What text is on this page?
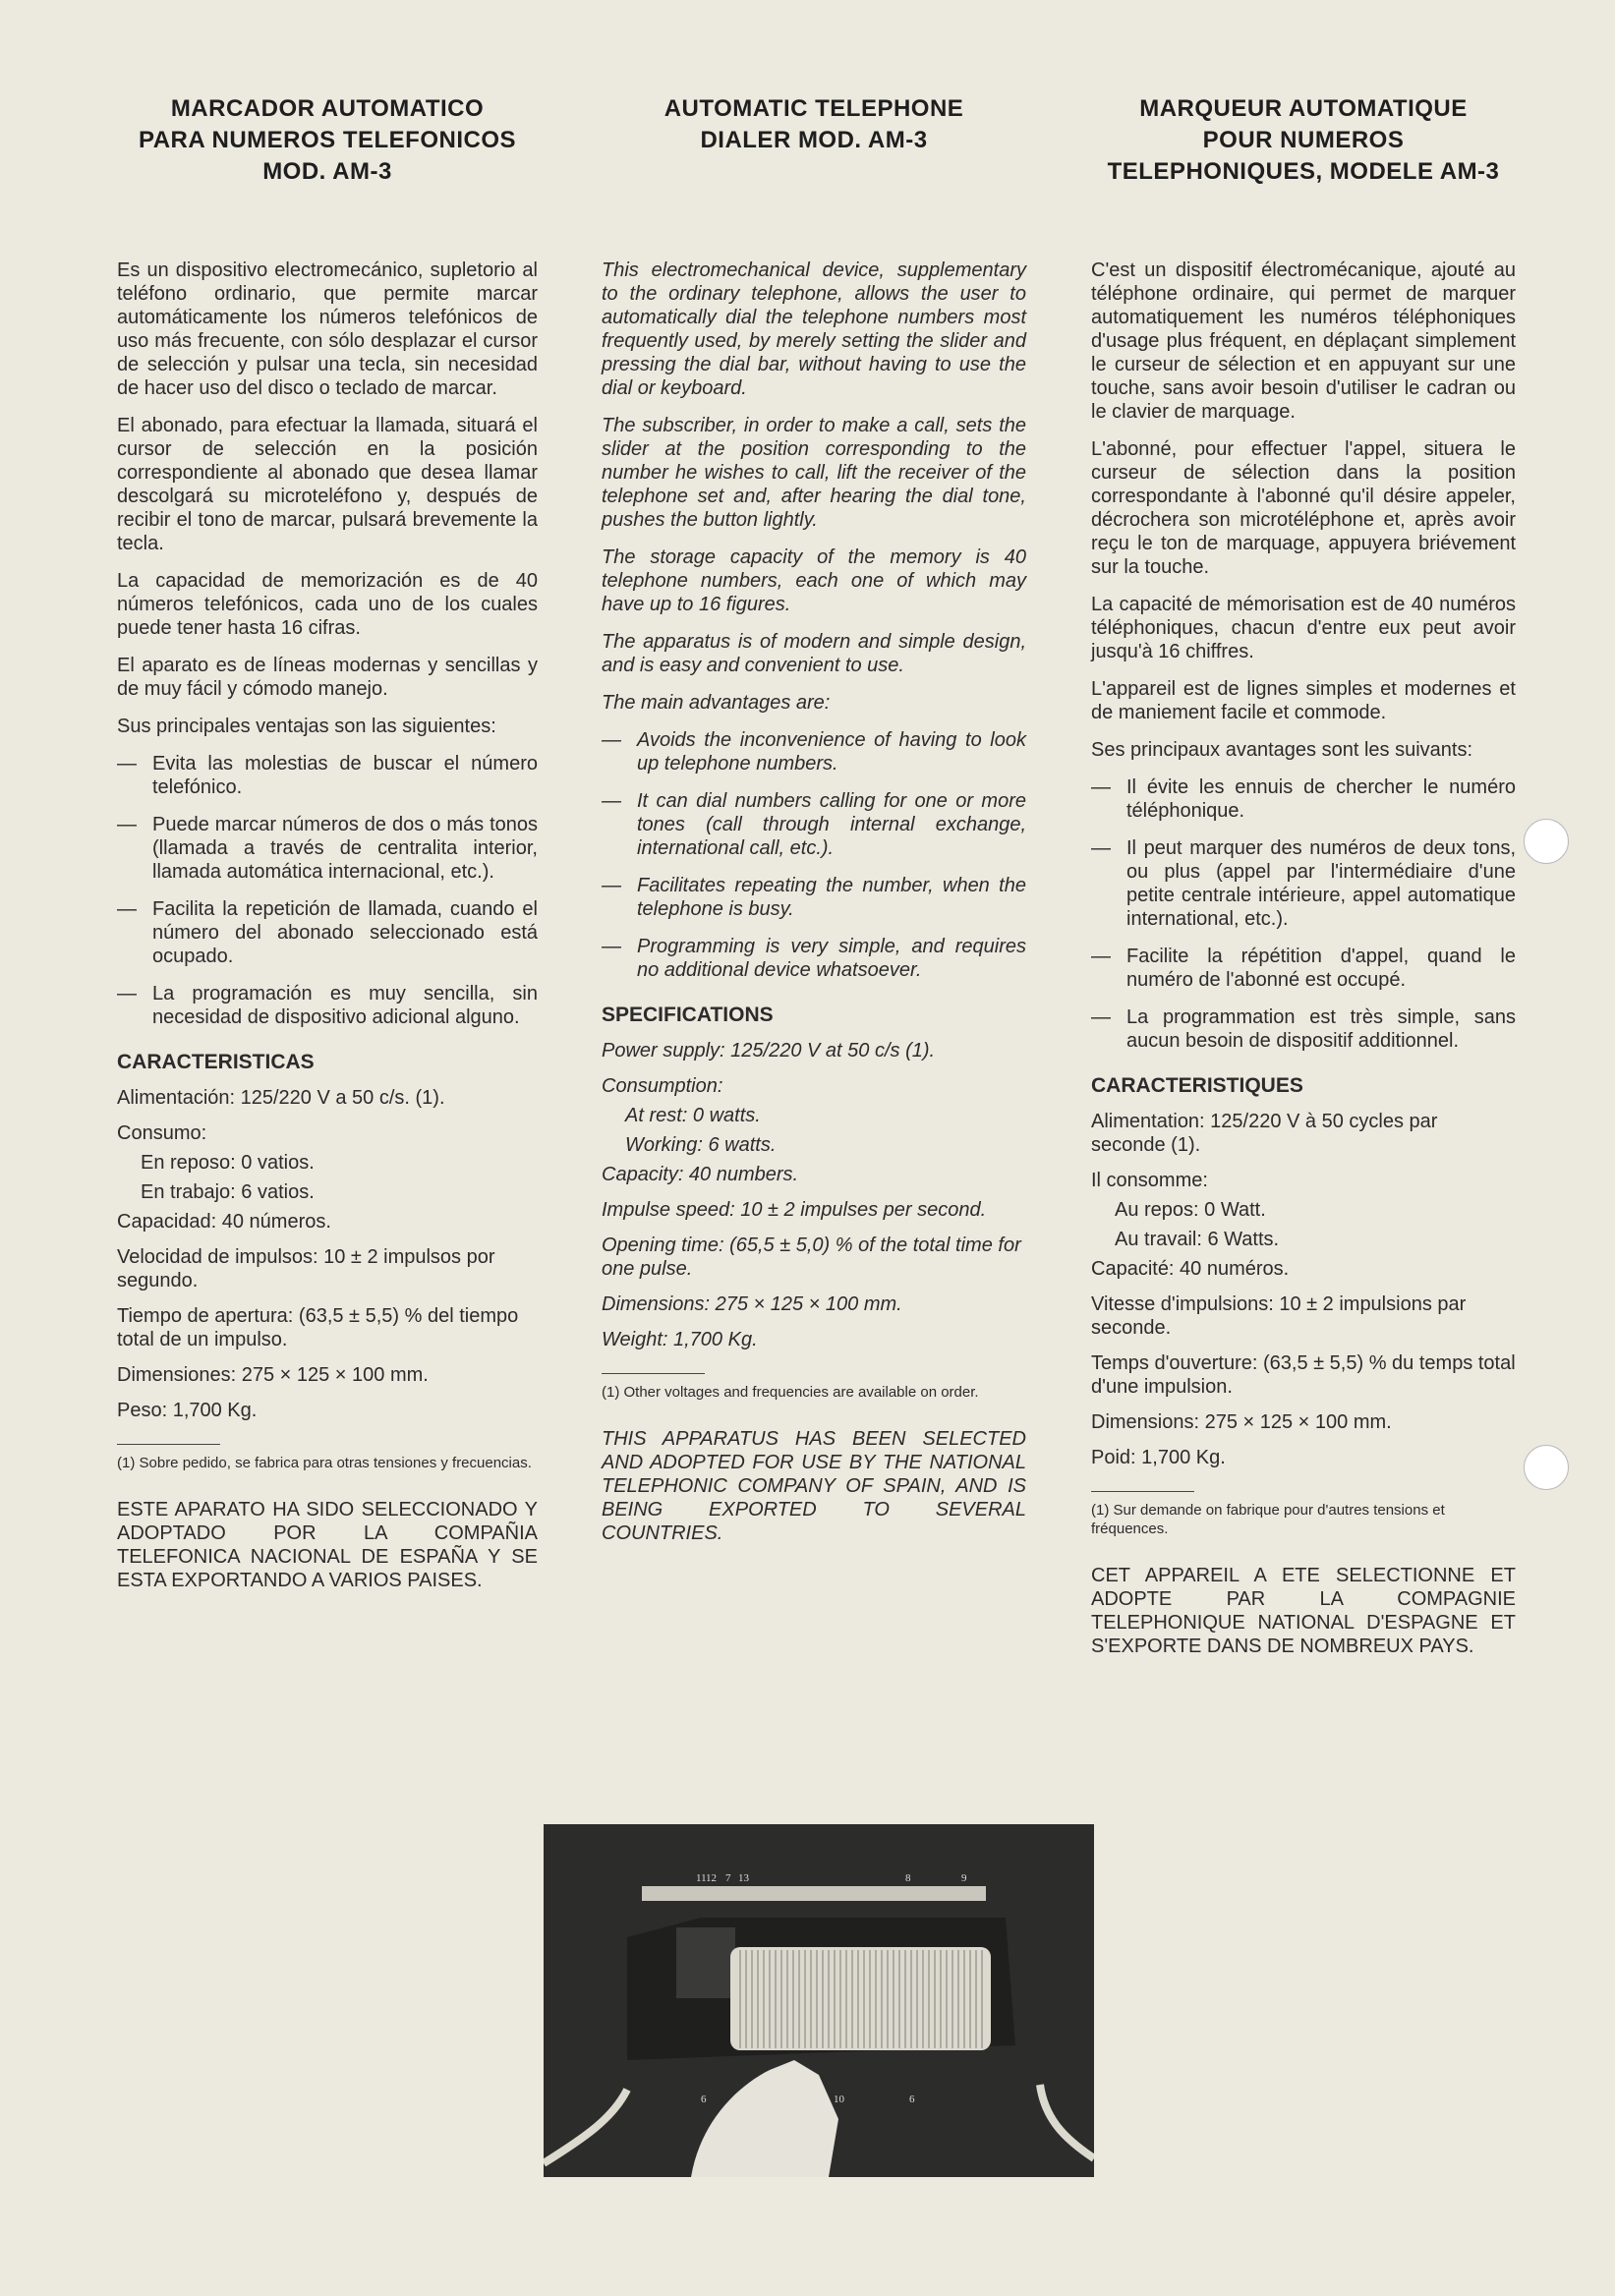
MARCADOR AUTOMATICO
PARA NUMEROS TELEFONICOS
MOD. AM-3
Es un dispositivo electromecánico, supletorio al teléfono ordinario, que permite marcar automáticamente los números telefónicos de uso más frecuente, con sólo desplazar el cursor de selección y pulsar una tecla, sin necesidad de hacer uso del disco o teclado de marcar.
El abonado, para efectuar la llamada, situará el cursor de selección en la posición correspondiente al abonado que desea llamar descolgará su microteléfono y, después de recibir el tono de marcar, pulsará brevemente la tecla.
La capacidad de memorización es de 40 números telefónicos, cada uno de los cuales puede tener hasta 16 cifras.
El aparato es de líneas modernas y sencillas y de muy fácil y cómodo manejo.
Sus principales ventajas son las siguientes:
— Evita las molestias de buscar el número telefónico.
— Puede marcar números de dos o más tonos (llamada a través de centralita interior, llamada automática internacional, etc.).
— Facilita la repetición de llamada, cuando el número del abonado seleccionado está ocupado.
— La programación es muy sencilla, sin necesidad de dispositivo adicional alguno.
CARACTERISTICAS
Alimentación: 125/220 V a 50 c/s. (1).
Consumo:
En reposo: 0 vatios.
En trabajo: 6 vatios.
Capacidad: 40 números.
Velocidad de impulsos: 10 ± 2 impulsos por segundo.
Tiempo de apertura: (63,5 ± 5,5) % del tiempo total de un impulso.
Dimensiones: 275 × 125 × 100 mm.
Peso: 1,700 Kg.
(1) Sobre pedido, se fabrica para otras tensiones y frecuencias.
ESTE APARATO HA SIDO SELECCIONADO Y ADOPTADO POR LA COMPAÑIA TELEFONICA NACIONAL DE ESPAÑA Y SE ESTA EXPORTANDO A VARIOS PAISES.
AUTOMATIC TELEPHONE
DIALER MOD. AM-3
This electromechanical device, supplementary to the ordinary telephone, allows the user to automatically dial the telephone numbers most frequently used, by merely setting the slider and pressing the dial bar, without having to use the dial or keyboard.
The subscriber, in order to make a call, sets the slider at the position corresponding to the number he wishes to call, lift the receiver of the telephone set and, after hearing the dial tone, pushes the button lightly.
The storage capacity of the memory is 40 telephone numbers, each one of which may have up to 16 figures.
The apparatus is of modern and simple design, and is easy and convenient to use.
The main advantages are:
— Avoids the inconvenience of having to look up telephone numbers.
— It can dial numbers calling for one or more tones (call through internal exchange, international call, etc.).
— Facilitates repeating the number, when the telephone is busy.
— Programming is very simple, and requires no additional device whatsoever.
SPECIFICATIONS
Power supply: 125/220 V at 50 c/s (1).
Consumption:
At rest: 0 watts.
Working: 6 watts.
Capacity: 40 numbers.
Impulse speed: 10 ± 2 impulses per second.
Opening time: (65,5 ± 5,0) % of the total time for one pulse.
Dimensions: 275 × 125 × 100 mm.
Weight: 1,700 Kg.
(1) Other voltages and frequencies are available on order.
THIS APPARATUS HAS BEEN SELECTED AND ADOPTED FOR USE BY THE NATIONAL TELEPHONIC COMPANY OF SPAIN, AND IS BEING EXPORTED TO SEVERAL COUNTRIES.
MARQUEUR AUTOMATIQUE
POUR NUMEROS
TELEPHONIQUES, MODELE AM-3
C'est un dispositif électromécanique, ajouté au téléphone ordinaire, qui permet de marquer automatiquement les numéros téléphoniques d'usage plus fréquent, en déplaçant simplement le curseur de sélection et en appuyant sur une touche, sans avoir besoin d'utiliser le cadran ou le clavier de marquage.
L'abonné, pour effectuer l'appel, situera le curseur de sélection dans la position correspondante à l'abonné qu'il désire appeler, décrochera son microtéléphone et, après avoir reçu le ton de marquage, appuyera briévement sur la touche.
La capacité de mémorisation est de 40 numéros téléphoniques, chacun d'entre eux peut avoir jusqu'à 16 chiffres.
L'appareil est de lignes simples et modernes et de maniement facile et commode.
Ses principaux avantages sont les suivants:
— Il évite les ennuis de chercher le numéro téléphonique.
— Il peut marquer des numéros de deux tons, ou plus (appel par l'intermédiaire d'une petite centrale intérieure, appel automatique international, etc.).
— Facilite la répétition d'appel, quand le numéro de l'abonné est occupé.
— La programmation est très simple, sans aucun besoin de dispositif additionnel.
CARACTERISTIQUES
Alimentation: 125/220 V à 50 cycles par seconde (1).
Il consomme:
Au repos: 0 Watt.
Au travail: 6 Watts.
Capacité: 40 numéros.
Vitesse d'impulsions: 10 ± 2 impulsions par seconde.
Temps d'ouverture: (63,5 ± 5,5) % du temps total d'une impulsion.
Dimensions: 275 × 125 × 100 mm.
Poid: 1,700 Kg.
(1) Sur demande on fabrique pour d'autres tensions et fréquences.
CET APPAREIL A ETE SELECTIONNE ET ADOPTE PAR LA COMPAGNIE TELEPHONIQUE NATIONAL D'ESPAGNE ET S'EXPORTE DANS DE NOMBREUX PAYS.
11 12 7 13	8	9
6	10	6
